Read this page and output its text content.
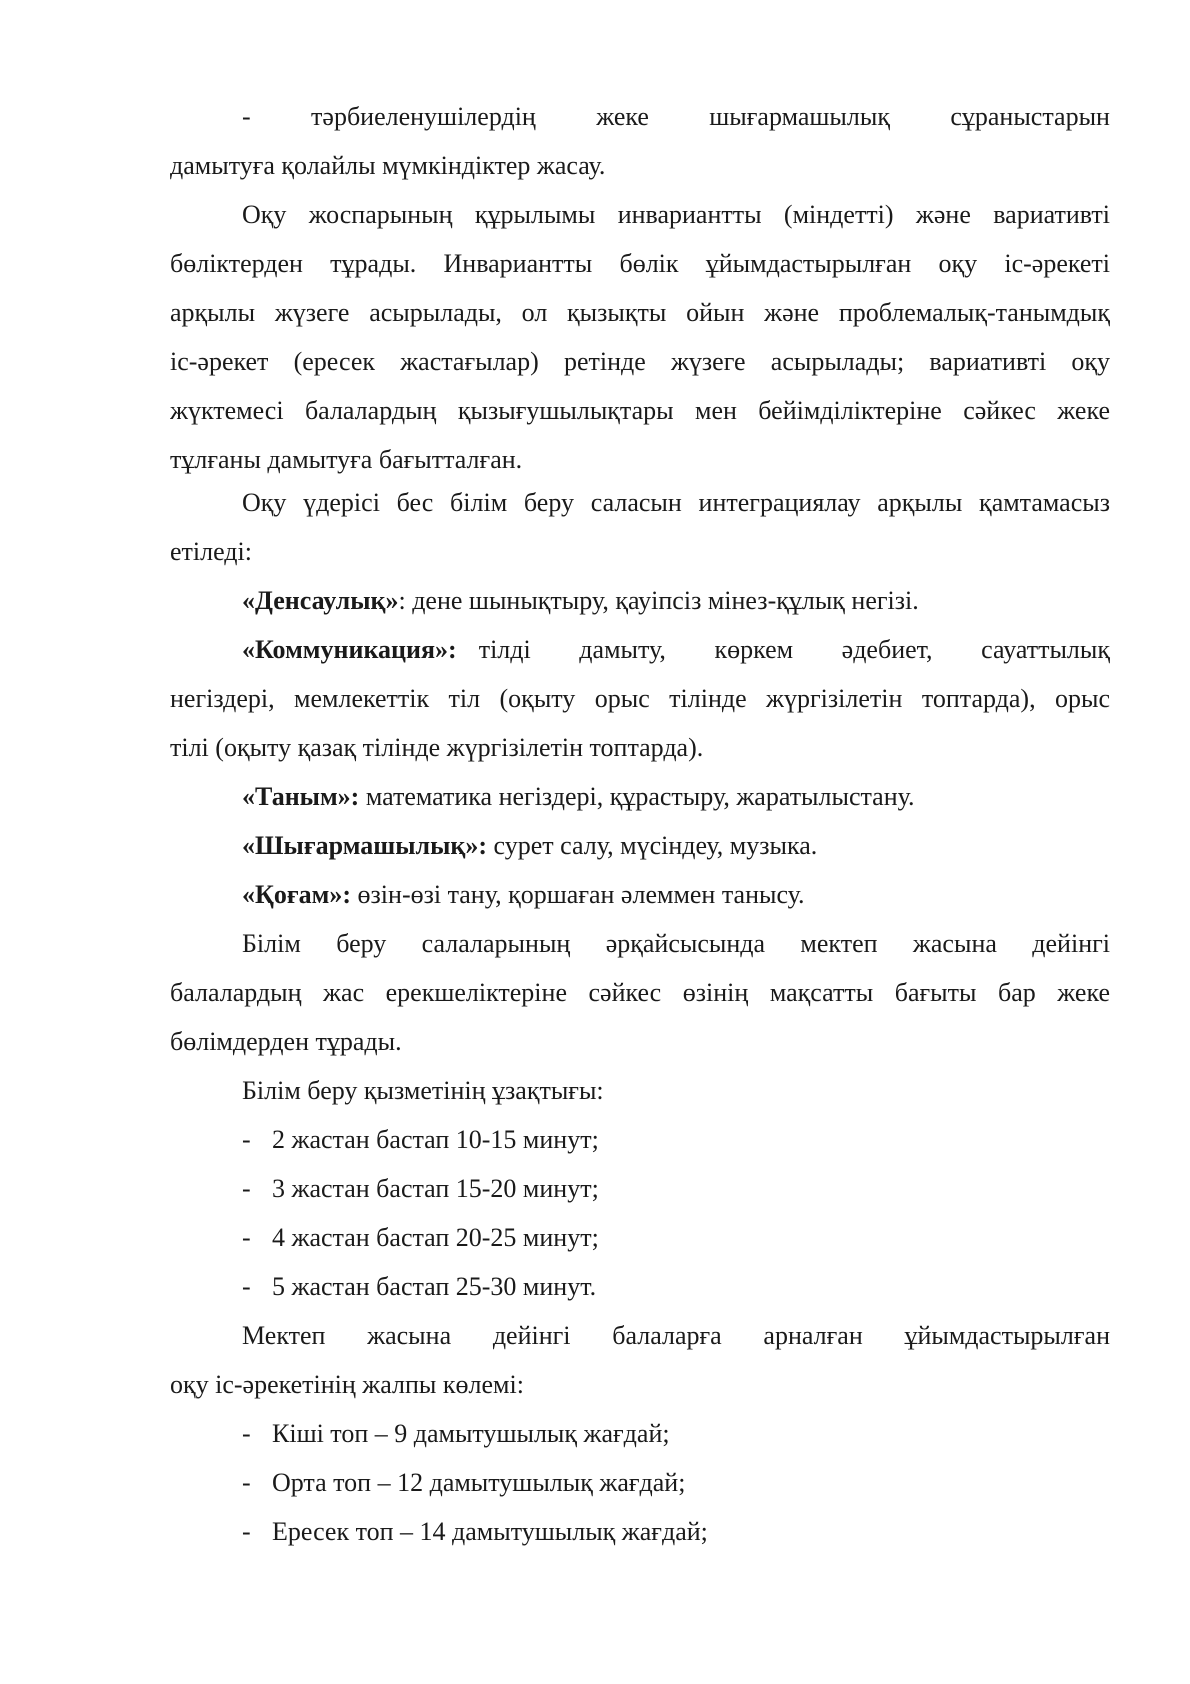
- тәрбиеленушілердің жеке шығармашылық сұраныстарын
дамытуға қолайлы мүмкіндіктер жасау.
Оқу жоспарының құрылымы инвариантты (міндетті) және вариативті
бөліктерден тұрады. Инвариантты бөлік ұйымдастырылған оқу іс-әрекеті
арқылы жүзеге асырылады, ол қызықты ойын және проблемалық-танымдық
іс-әрекет (ересек жастағылар) ретінде жүзеге асырылады; вариативті оқу
жүктемесі балалардың қызығушылықтары мен бейімділіктеріне сәйкес жеке
тұлғаны дамытуға бағытталған.
Оқу үдерісі бес білім беру саласын интеграциялау арқылы қамтамасыз
етіледі:
«Денсаулық»: дене шынықтыру, қауіпсіз мінез-құлық негізі.
«Коммуникация»: тілді дамыту, көркем әдебиет, сауаттылық
негіздері, мемлекеттік тіл (оқыту орыс тілінде жүргізілетін топтарда), орыс
тілі (оқыту қазақ тілінде жүргізілетін топтарда).
«Таным»: математика негіздері, құрастыру, жаратылыстану.
«Шығармашылық»: сурет салу, мүсіндеу, музыка.
«Қоғам»: өзін-өзі тану, қоршаған әлеммен танысу.
Білім беру салаларының әрқайсысында мектеп жасына дейінгі
балалардың жас ерекшеліктеріне сәйкес өзінің мақсатты бағыты бар жеке
бөлімдерден тұрады.
Білім беру қызметінің ұзақтығы:
- 2 жастан бастап 10-15 минут;
- 3 жастан бастап 15-20 минут;
- 4 жастан бастап 20-25 минут;
- 5 жастан бастап 25-30 минут.
Мектеп жасына дейінгі балаларға арналған ұйымдастырылған
оқу іс-әрекетінің жалпы көлемі:
- Кіші топ – 9 дамытушылық жағдай;
- Орта топ – 12 дамытушылық жағдай;
- Ересек топ – 14 дамытушылық жағдай;
